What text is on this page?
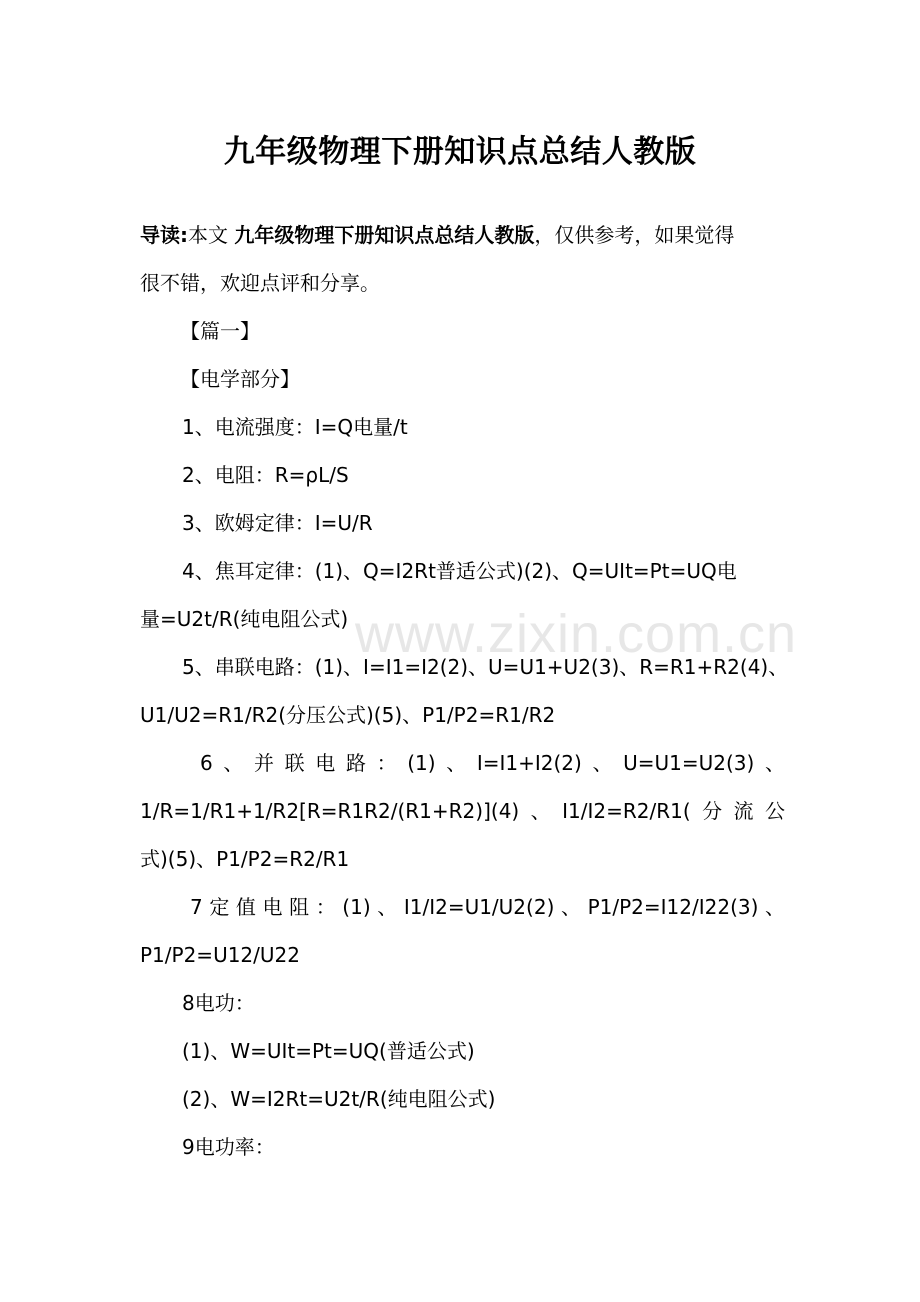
九年级物理下册知识点总结人教版
导读:本文 九年级物理下册知识点总结人教版，仅供参考，如果觉得
很不错，欢迎点评和分享。
【篇一】
【电学部分】
1、电流强度：I=Q电量/t
2、电阻：R=ρL/S
3、欧姆定律：I=U/R
4、焦耳定律：(1)、Q=I2Rt普适公式)(2)、Q=UIt=Pt=UQ电
量=U2t/R(纯电阻公式)
5、串联电路：(1)、I=I1=I2(2)、U=U1+U2(3)、R=R1+R2(4)、
U1/U2=R1/R2(分压公式)(5)、P1/P2=R1/R2
6 、 并 联 电 路 ： (1) 、 I=I1+I2(2) 、 U=U1=U2(3) 、
1/R=1/R1+1/R2[R=R1R2/(R1+R2)](4) 、 I1/I2=R2/R1( 分 流 公
式)(5)、P1/P2=R2/R1
7 定 值 电 阻 ： (1) 、 I1/I2=U1/U2(2) 、 P1/P2=I12/I22(3) 、
P1/P2=U12/U22
8电功：
(1)、W=UIt=Pt=UQ(普适公式)
(2)、W=I2Rt=U2t/R(纯电阻公式)
9电功率：
www.zixin.com.cn
